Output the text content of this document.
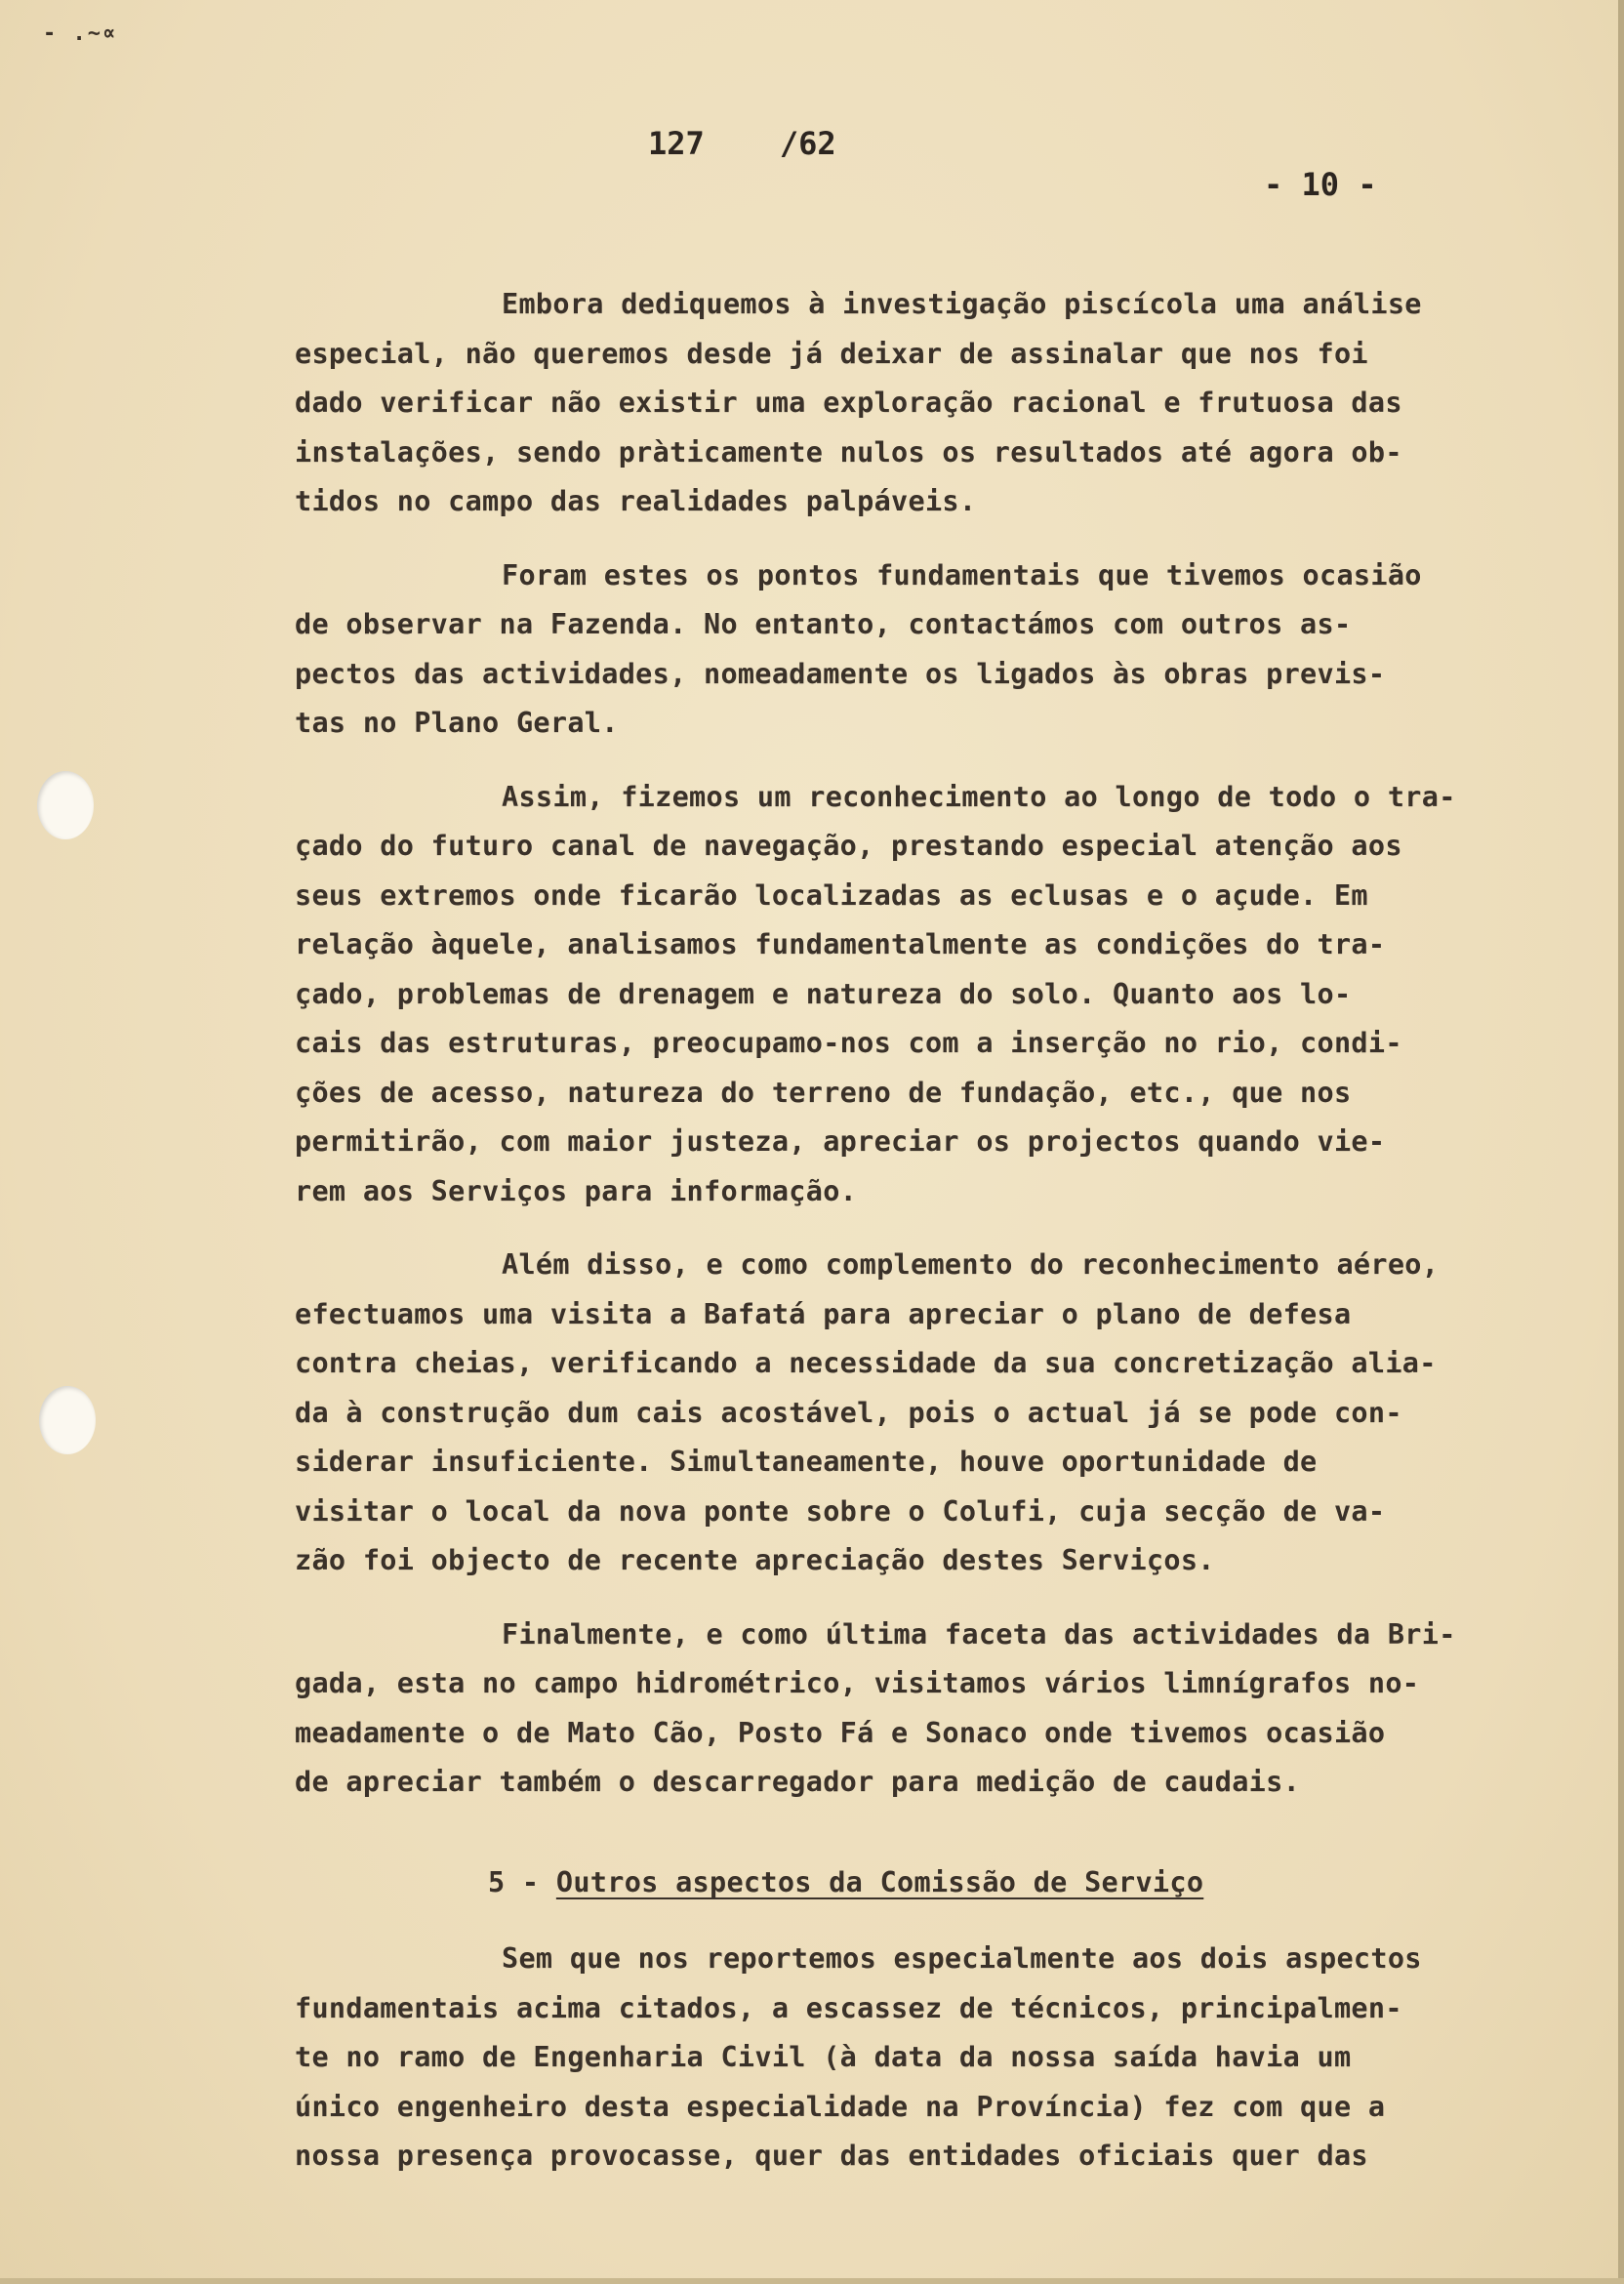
- .~∝
127    /62
- 10 -
Embora dediquemos à investigação piscícola uma análise
especial, não queremos desde já deixar de assinalar que nos foi
dado verificar não existir uma exploração racional e frutuosa das
instalações, sendo pràticamente nulos os resultados até agora ob-
tidos no campo das realidades palpáveis.
Foram estes os pontos fundamentais que tivemos ocasião
de observar na Fazenda. No entanto, contactámos com outros as-
pectos das actividades, nomeadamente os ligados às obras previs-
tas no Plano Geral.
Assim, fizemos um reconhecimento ao longo de todo o tra-
çado do futuro canal de navegação, prestando especial atenção aos
seus extremos onde ficarão localizadas as eclusas e o açude. Em
relação àquele, analisamos fundamentalmente as condições do tra-
çado, problemas de drenagem e natureza do solo. Quanto aos lo-
cais das estruturas, preocupamo-nos com a inserção no rio, condi-
ções de acesso, natureza do terreno de fundação, etc., que nos
permitirão, com maior justeza, apreciar os projectos quando vie-
rem aos Serviços para informação.
Além disso, e como complemento do reconhecimento aéreo,
efectuamos uma visita a Bafatá para apreciar o plano de defesa
contra cheias, verificando a necessidade da sua concretização alia-
da à construção dum cais acostável, pois o actual já se pode con-
siderar insuficiente. Simultaneamente, houve oportunidade de
visitar o local da nova ponte sobre o Colufi, cuja secção de va-
zão foi objecto de recente apreciação destes Serviços.
Finalmente, e como última faceta das actividades da Bri-
gada, esta no campo hidrométrico, visitamos vários limnígrafos no-
meadamente o de Mato Cão, Posto Fá e Sonaco onde tivemos ocasião
de apreciar também o descarregador para medição de caudais.
5 - Outros aspectos da Comissão de Serviço
Sem que nos reportemos especialmente aos dois aspectos
fundamentais acima citados, a escassez de técnicos, principalmen-
te no ramo de Engenharia Civil (à data da nossa saída havia um
único engenheiro desta especialidade na Província) fez com que a
nossa presença provocasse, quer das entidades oficiais quer das
